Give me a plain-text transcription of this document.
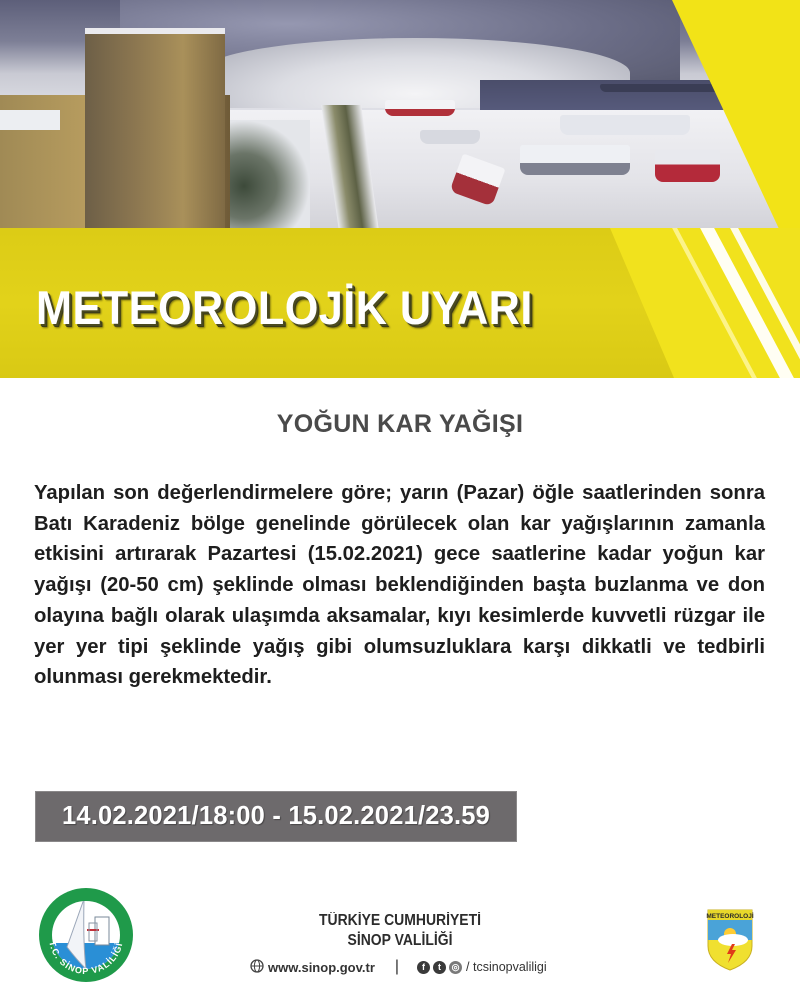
METEOROLOJİK UYARI
YOĞUN KAR YAĞIŞI
Yapılan son değerlendirmelere göre; yarın (Pazar) öğle saatlerinden sonra Batı Karadeniz bölge genelinde görülecek olan kar yağışlarının zamanla etkisini artırarak Pazartesi (15.02.2021) gece saatlerine kadar yoğun kar yağışı (20-50 cm) şeklinde olması beklendiğinden başta buzlanma ve don olayına bağlı olarak ulaşımda aksamalar, kıyı kesimlerde kuvvetli rüzgar ile yer yer tipi şeklinde yağış gibi olumsuzluklara karşı dikkatli ve tedbirli olunması gerekmektedir.
14.02.2021/18:00 - 15.02.2021/23.59
T.C. SİNOP VALİLİĞİ
TÜRKİYE CUMHURİYETİ
SİNOP VALİLİĞİ
www.sinop.gov.tr |	f	t	◎ / tcsinopvaliligi
METEOROLOJİ
